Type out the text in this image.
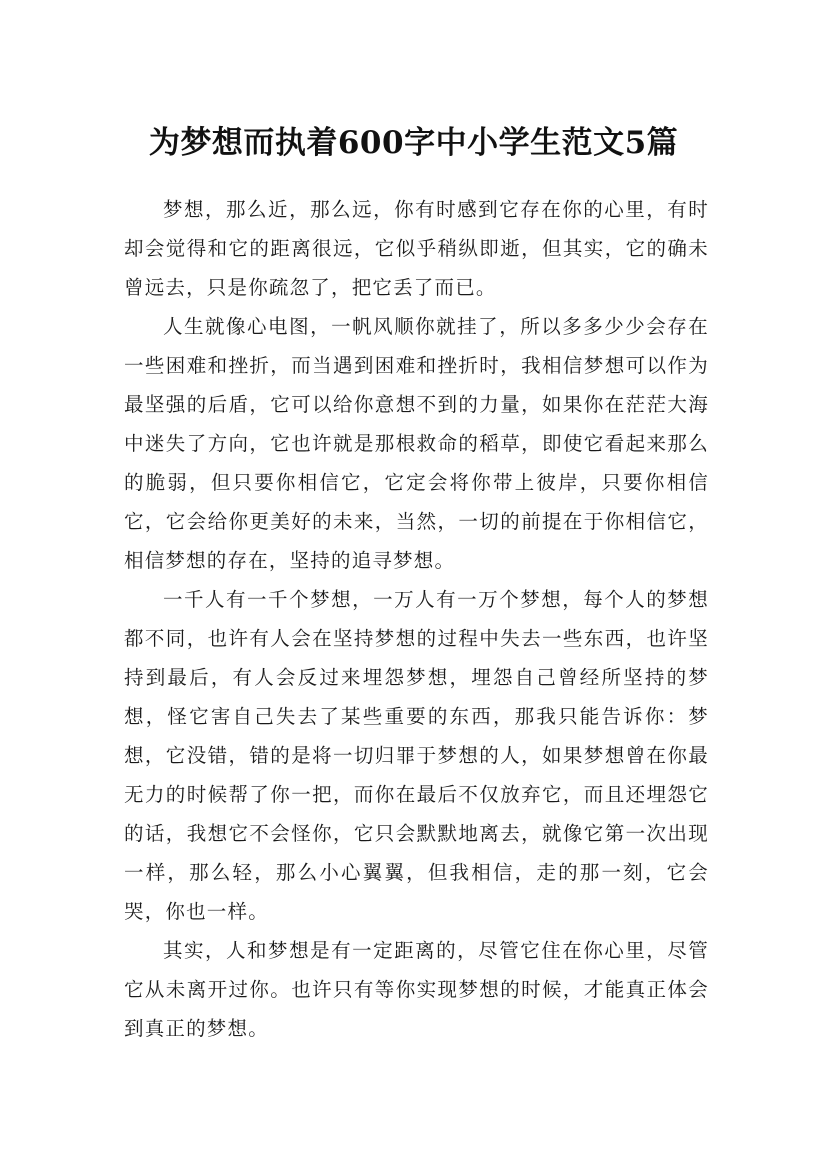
为梦想而执着600字中小学生范文5篇

梦想，那么近，那么远，你有时感到它存在你的心里，有时却会觉得和它的距离很远，它似乎稍纵即逝，但其实，它的确未曾远去，只是你疏忽了，把它丢了而已。

人生就像心电图，一帆风顺你就挂了，所以多多少少会存在一些困难和挫折，而当遇到困难和挫折时，我相信梦想可以作为最坚强的后盾，它可以给你意想不到的力量，如果你在茫茫大海中迷失了方向，它也许就是那根救命的稻草，即使它看起来那么的脆弱，但只要你相信它，它定会将你带上彼岸，只要你相信它，它会给你更美好的未来，当然，一切的前提在于你相信它，相信梦想的存在，坚持的追寻梦想。

一千人有一千个梦想，一万人有一万个梦想，每个人的梦想都不同，也许有人会在坚持梦想的过程中失去一些东西，也许坚持到最后，有人会反过来埋怨梦想，埋怨自己曾经所坚持的梦想，怪它害自己失去了某些重要的东西，那我只能告诉你：梦想，它没错，错的是将一切归罪于梦想的人，如果梦想曾在你最无力的时候帮了你一把，而你在最后不仅放弃它，而且还埋怨它的话，我想它不会怪你，它只会默默地离去，就像它第一次出现一样，那么轻，那么小心翼翼，但我相信，走的那一刻，它会哭，你也一样。

其实，人和梦想是有一定距离的，尽管它住在你心里，尽管它从未离开过你。也许只有等你实现梦想的时候，才能真正体会到真正的梦想。
